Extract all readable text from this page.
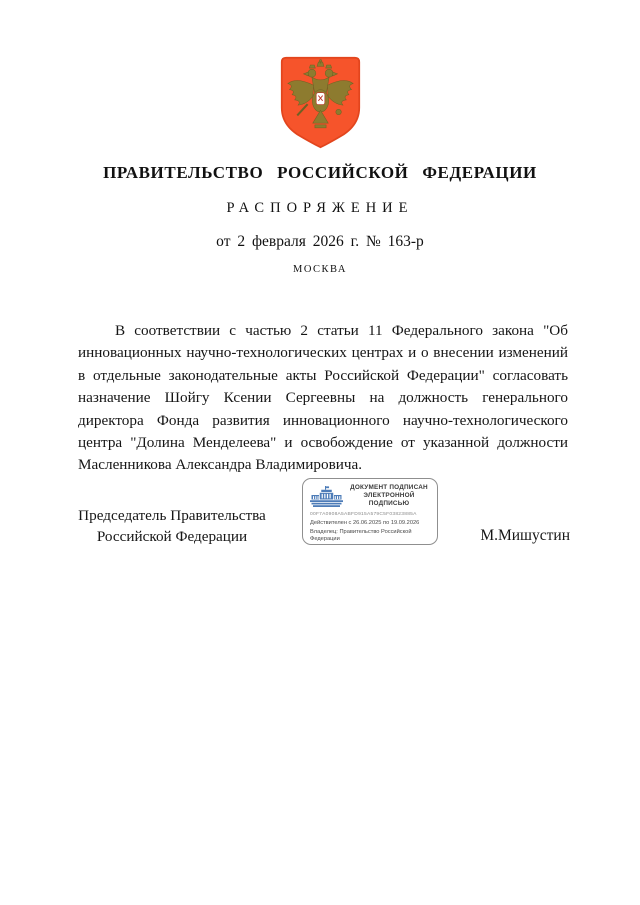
ПРАВИТЕЛЬСТВО РОССИЙСКОЙ ФЕДЕРАЦИИ
РАСПОРЯЖЕНИЕ
от 2 февраля 2026 г. № 163-р
МОСКВА
В соответствии с частью 2 статьи 11 Федерального закона "Об инновационных научно-технологических центрах и о внесении изменений в отдельные законодательные акты Российской Федерации" согласовать назначение Шойгу Ксении Сергеевны на должность генерального директора Фонда развития инновационного научно-технологического центра "Долина Менделеева" и освобождение от указанной должности Масленникова Александра Владимировича.
Председатель Правительства
Российской Федерации
ДОКУМЕНТ ПОДПИСАН
ЭЛЕКТРОННОЙ ПОДПИСЬЮ
00F7A0908A5ABFD915A579C5F03823885A
Действителен с 26.06.2025 по 19.09.2026
Владелец: Правительство Российской Федерации	М.Мишустин
